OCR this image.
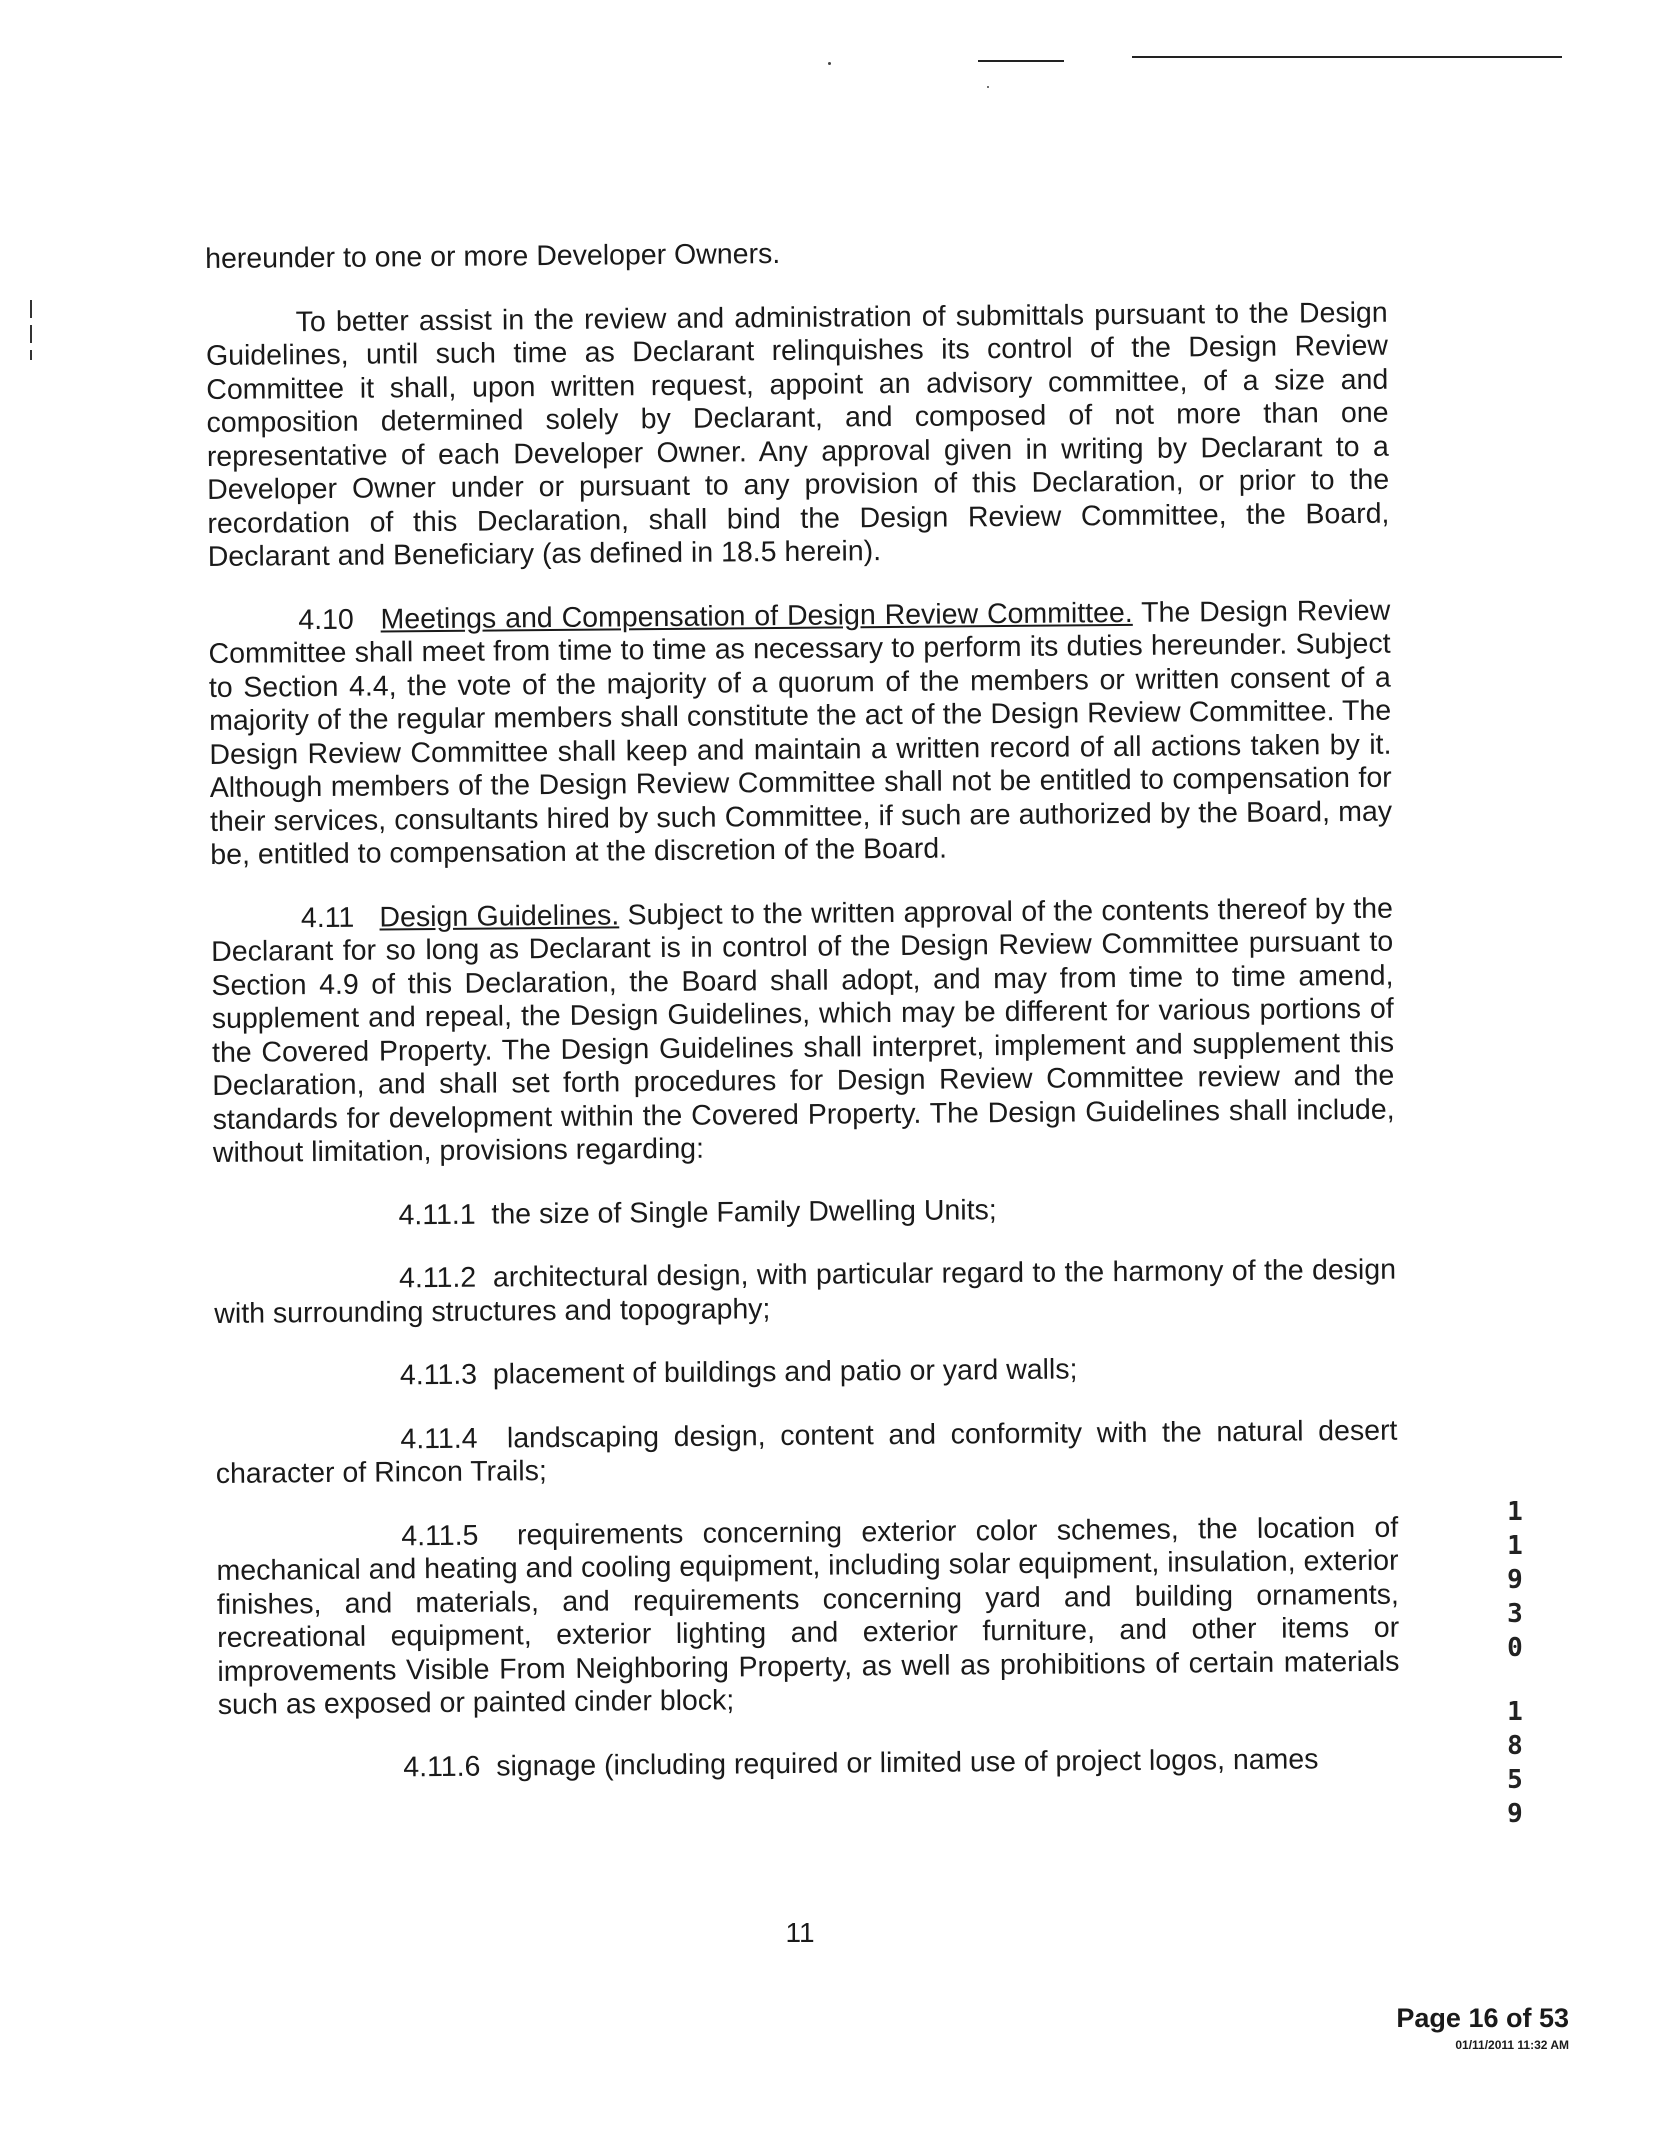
hereunder to one or more Developer Owners.

To better assist in the review and administration of submittals pursuant to the Design Guidelines, until such time as Declarant relinquishes its control of the Design Review Committee it shall, upon written request, appoint an advisory committee, of a size and composition determined solely by Declarant, and composed of not more than one representative of each Developer Owner. Any approval given in writing by Declarant to a Developer Owner under or pursuant to any provision of this Declaration, or prior to the recordation of this Declaration, shall bind the Design Review Committee, the Board, Declarant and Beneficiary (as defined in 18.5 herein).

4.10 Meetings and Compensation of Design Review Committee. The Design Review Committee shall meet from time to time as necessary to perform its duties hereunder. Subject to Section 4.4, the vote of the majority of a quorum of the members or written consent of a majority of the regular members shall constitute the act of the Design Review Committee. The Design Review Committee shall keep and maintain a written record of all actions taken by it. Although members of the Design Review Committee shall not be entitled to compensation for their services, consultants hired by such Committee, if such are authorized by the Board, may be, entitled to compensation at the discretion of the Board.

4.11 Design Guidelines. Subject to the written approval of the contents thereof by the Declarant for so long as Declarant is in control of the Design Review Committee pursuant to Section 4.9 of this Declaration, the Board shall adopt, and may from time to time amend, supplement and repeal, the Design Guidelines, which may be different for various portions of the Covered Property. The Design Guidelines shall interpret, implement and supplement this Declaration, and shall set forth procedures for Design Review Committee review and the standards for development within the Covered Property. The Design Guidelines shall include, without limitation, provisions regarding:

4.11.1 the size of Single Family Dwelling Units;

4.11.2 architectural design, with particular regard to the harmony of the design with surrounding structures and topography;

4.11.3 placement of buildings and patio or yard walls;

4.11.4 landscaping design, content and conformity with the natural desert character of Rincon Trails;

4.11.5 requirements concerning exterior color schemes, the location of mechanical and heating and cooling equipment, including solar equipment, insulation, exterior finishes, and materials, and requirements concerning yard and building ornaments, recreational equipment, exterior lighting and exterior furniture, and other items or improvements Visible From Neighboring Property, as well as prohibitions of certain materials such as exposed or painted cinder block;

4.11.6 signage (including required or limited use of project logos, names

11
1
1
9
3
0
1
8
5
9
Page 16 of 53
01/11/2011 11:32 AM
